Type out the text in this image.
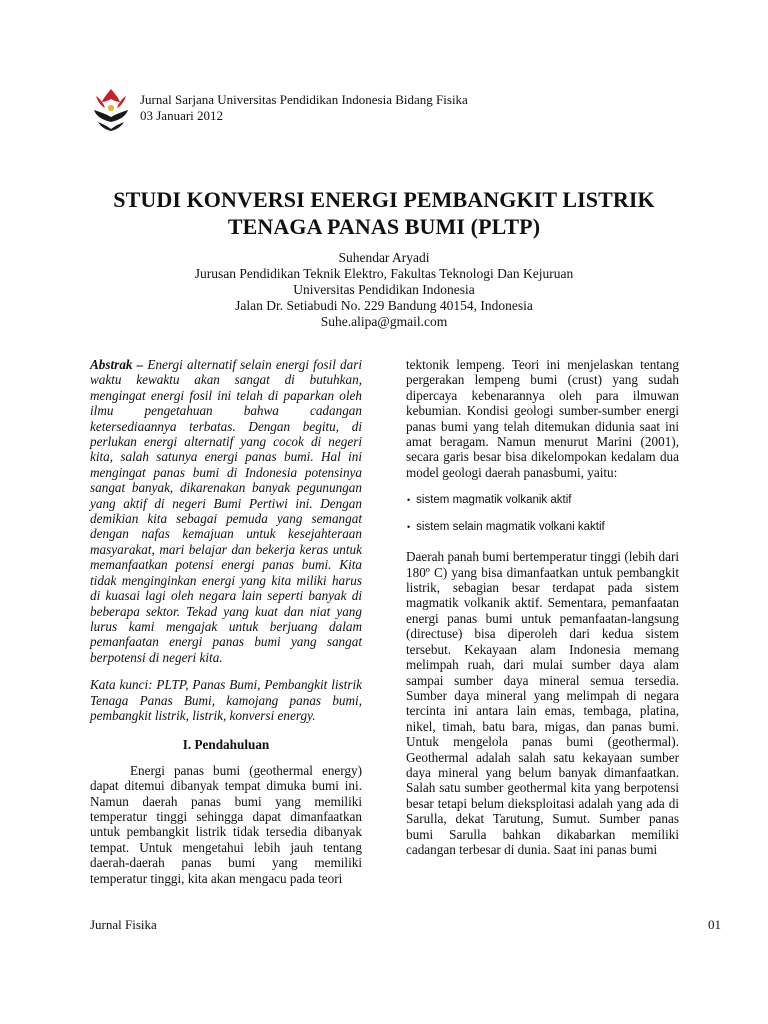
Jurnal Sarjana Universitas Pendidikan Indonesia Bidang Fisika
03 Januari 2012
STUDI KONVERSI ENERGI PEMBANGKIT LISTRIK
TENAGA PANAS BUMI (PLTP)
Suhendar Aryadi
Jurusan Pendidikan Teknik Elektro, Fakultas Teknologi Dan Kejuruan
Universitas Pendidikan Indonesia
Jalan Dr. Setiabudi No. 229 Bandung 40154, Indonesia
Suhe.alipa@gmail.com

Abstrak – Energi alternatif selain energi fosil dari waktu kewaktu akan sangat di butuhkan, mengingat energi fosil ini telah di paparkan oleh ilmu pengetahuan bahwa cadangan ketersediaannya terbatas. Dengan begitu, di perlukan energi alternatif yang cocok di negeri kita, salah satunya energi panas bumi. Hal ini mengingat panas bumi di Indonesia potensinya sangat banyak, dikarenakan banyak pegunungan yang aktif di negeri Bumi Pertiwi ini. Dengan demikian kita sebagai pemuda yang semangat dengan nafas kemajuan untuk kesejahteraan masyarakat, mari belajar dan bekerja keras untuk memanfaatkan potensi energi panas bumi. Kita tidak menginginkan energi yang kita miliki harus di kuasai lagi oleh negara lain seperti banyak di beberapa sektor. Tekad yang kuat dan niat yang lurus kami mengajak untuk berjuang dalam pemanfaatan energi panas bumi yang sangat berpotensi di negeri kita.

Kata kunci: PLTP, Panas Bumi, Pembangkit listrik Tenaga Panas Bumi, kamojang panas bumi, pembangkit listrik, listrik, konversi energy.

I. Pendahuluan

Energi panas bumi (geothermal energy) dapat ditemui dibanyak tempat dimuka bumi ini. Namun daerah panas bumi yang memiliki temperatur tinggi sehingga dapat dimanfaatkan untuk pembangkit listrik tidak tersedia dibanyak tempat. Untuk mengetahui lebih jauh tentang daerah-daerah panas bumi yang memiliki temperatur tinggi, kita akan mengacu pada teori

tektonik lempeng. Teori ini menjelaskan tentang pergerakan lempeng bumi (crust) yang sudah dipercaya kebenarannya oleh para ilmuwan kebumian. Kondisi geologi sumber-sumber energi panas bumi yang telah ditemukan didunia saat ini amat beragam. Namun menurut Marini (2001), secara garis besar bisa dikelompokan kedalam dua model geologi daerah panasbumi, yaitu:

• sistem magmatik volkanik aktif

• sistem selain magmatik volkani kaktif

Daerah panah bumi bertemperatur tinggi (lebih dari 180º C) yang bisa dimanfaatkan untuk pembangkit listrik, sebagian besar terdapat pada sistem magmatik volkanik aktif. Sementara, pemanfaatan energi panas bumi untuk pemanfaatan-langsung (directuse) bisa diperoleh dari kedua sistem tersebut. Kekayaan alam Indonesia memang melimpah ruah, dari mulai sumber daya alam sampai sumber daya mineral semua tersedia. Sumber daya mineral yang melimpah di negara tercinta ini antara lain emas, tembaga, platina, nikel, timah, batu bara, migas, dan panas bumi. Untuk mengelola panas bumi (geothermal). Geothermal adalah salah satu kekayaan sumber daya mineral yang belum banyak dimanfaatkan. Salah satu sumber geothermal kita yang berpotensi besar tetapi belum dieksploitasi adalah yang ada di Sarulla, dekat Tarutung, Sumut. Sumber panas bumi Sarulla bahkan dikabarkan memiliki cadangan terbesar di dunia. Saat ini panas bumi

Jurnal Fisika	01
